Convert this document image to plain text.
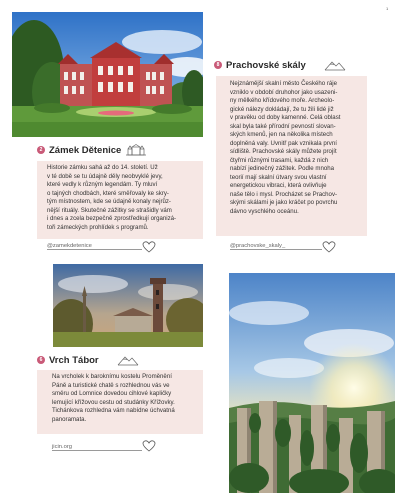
1
2 Zámek Dětenice
Historie zámku sahá až do 14. století. Už
v té době se tu údajně děly neobvyklé jevy,
které vedly k různým legendám. Ty mluví
o tajných chodbách, které směřovaly ke skry-
tým místnostem, kde se údajně konaly nejrůz-
nější rituály. Skutečné zážitky se strašidly vám
i dnes a zcela bezpečně zprostředkují organizá-
toři zámeckých prohlídek s programů.
@zamekdetenice
6 Vrch Tábor
Na vrcholek k baroknímu kostelu Proměnění
Páně a turistické chatě s rozhlednou vás ve
směru od Lomnice dovedou cihlové kapličky
lemující křížovou cestu od studánky Křížovky.
Tichánkova rozhledna vám nabídne úchvatná
panoramata.
jicin.org
8 Prachovské skály
Nejznámější skalní město Českého ráje
vzniklo v období druhohor jako usazeni-
ny mělkého křídového moře. Archeolo-
gické nálezy dokládají, že tu žili lidé již
v pravěku od doby kamenné. Celá oblast
skal byla také přírodní pevností slovan-
ských kmenů, jen na několika místech
doplněná valy. Uvnitř pak vznikala první
sídliště. Prachovské skály můžete projít
čtyřmi různými trasami, každá z nich
nabízí jedinečný zážitek. Podle mnoha
teorií mají skalní útvary svou vlastní
energetickou vibraci, která ovlivňuje
naše tělo i mysl. Procházet se Prachov-
skými skálami je jako kráčet po povrchu
dávno vyschlého oceánu.
@prachovske_skaly_
